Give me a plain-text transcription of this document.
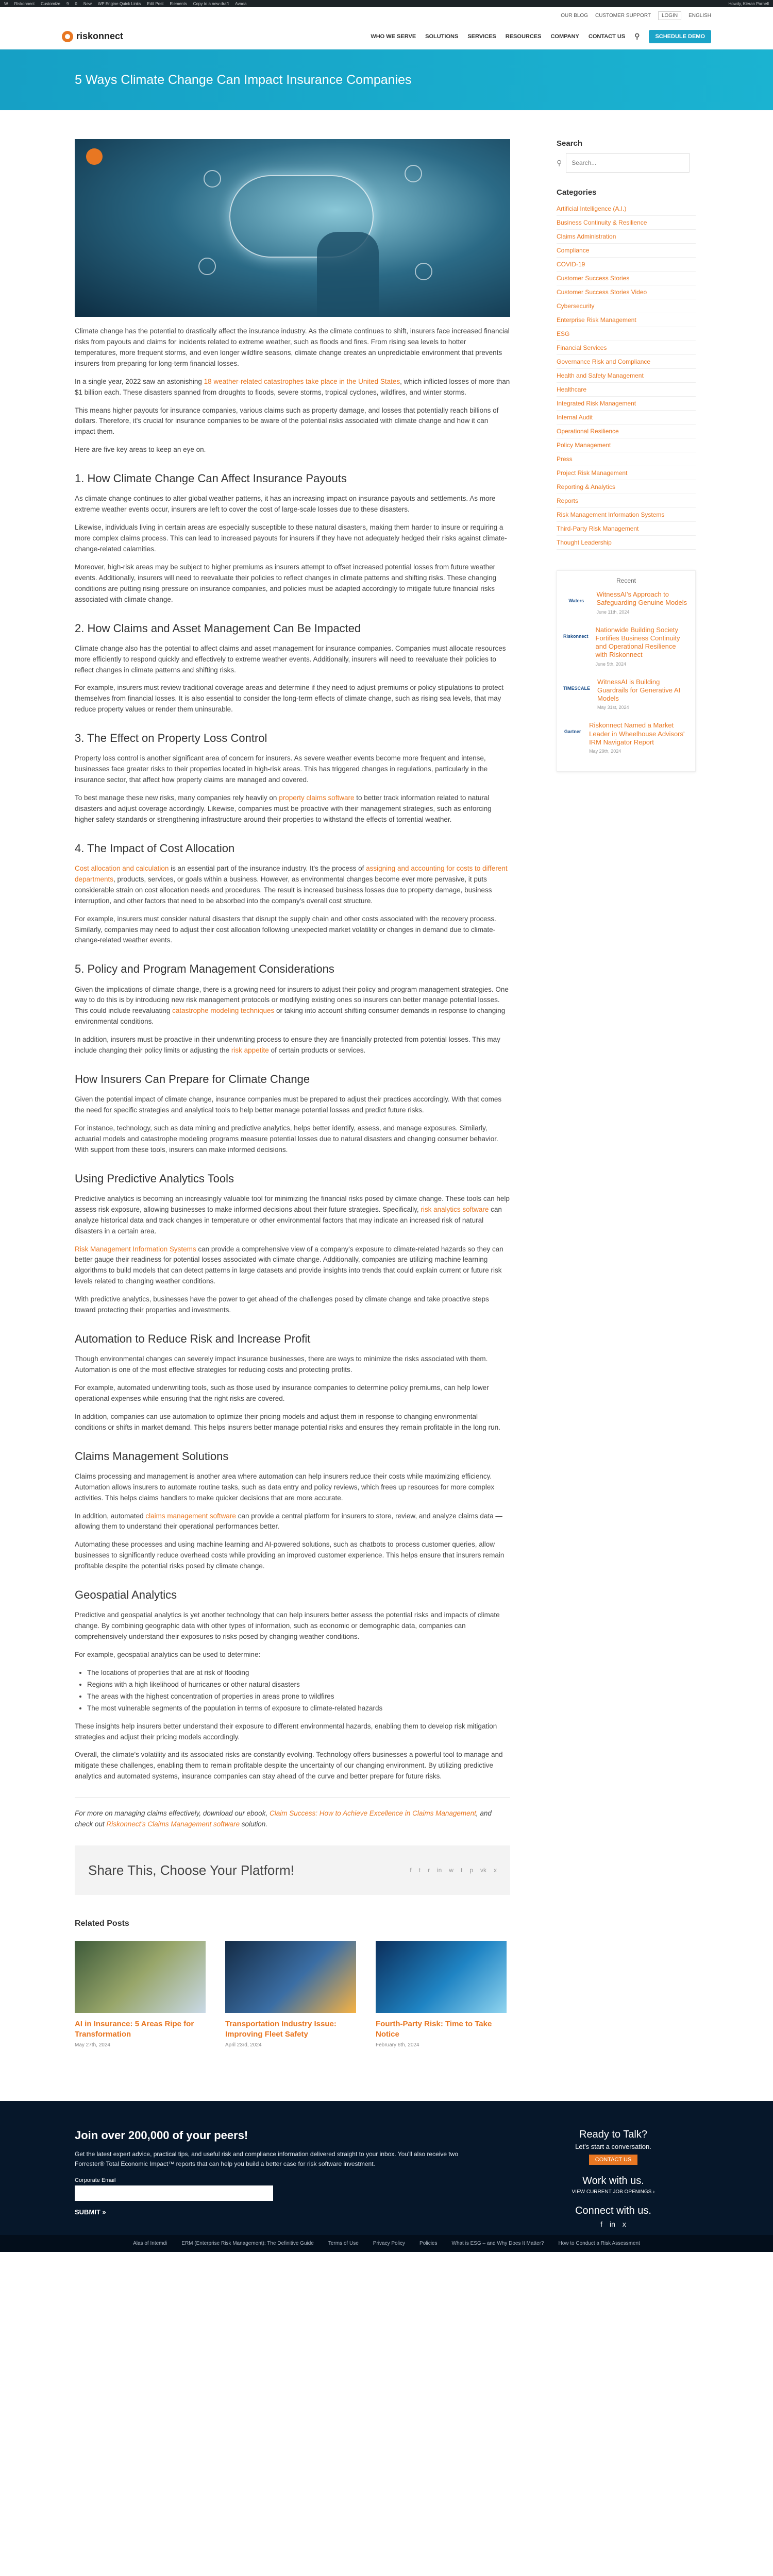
W Riskonnect Customize 9 0 New WP Engine Quick Links Edit Post Elements Copy to a new draft Avada	Howdy, Kieran Parnell
OUR BLOG CUSTOMER SUPPORT	LOGIN	ENGLISH
riskonnect	WHO WE SERVE SOLUTIONS SERVICES RESOURCES COMPANY CONTACT US ⚲	SCHEDULE DEMO
5 Ways Climate Change Can Impact Insurance Companies

Climate change has the potential to drastically affect the insurance industry. As the climate continues to shift, insurers face increased financial risks from payouts and claims for incidents related to extreme weather, such as floods and fires. From rising sea levels to hotter temperatures, more frequent storms, and even longer wildfire seasons, climate change creates an unpredictable environment that prevents insurers from preparing for long-term financial losses.

In a single year, 2022 saw an astonishing 18 weather-related catastrophes take place in the United States, which inflicted losses of more than $1 billion each. These disasters spanned from droughts to floods, severe storms, tropical cyclones, wildfires, and winter storms.

This means higher payouts for insurance companies, various claims such as property damage, and losses that potentially reach billions of dollars. Therefore, it's crucial for insurance companies to be aware of the potential risks associated with climate change and how it can impact them.

Here are five key areas to keep an eye on.

1. How Climate Change Can Affect Insurance Payouts

As climate change continues to alter global weather patterns, it has an increasing impact on insurance payouts and settlements. As more extreme weather events occur, insurers are left to cover the cost of large-scale losses due to these disasters.

Likewise, individuals living in certain areas are especially susceptible to these natural disasters, making them harder to insure or requiring a more complex claims process. This can lead to increased payouts for insurers if they have not adequately hedged their risks against climate-change-related calamities.

Moreover, high-risk areas may be subject to higher premiums as insurers attempt to offset increased potential losses from future weather events. Additionally, insurers will need to reevaluate their policies to reflect changes in climate patterns and shifting risks. These changing conditions are putting rising pressure on insurance companies, and policies must be adapted accordingly to mitigate future financial risks associated with climate change.

2. How Claims and Asset Management Can Be Impacted

Climate change also has the potential to affect claims and asset management for insurance companies. Companies must allocate resources more efficiently to respond quickly and effectively to extreme weather events. Additionally, insurers will need to reevaluate their policies to reflect changes in climate patterns and shifting risks.

For example, insurers must review traditional coverage areas and determine if they need to adjust premiums or policy stipulations to protect themselves from financial losses. It is also essential to consider the long-term effects of climate change, such as rising sea levels, that may reduce property values or render them uninsurable.

3. The Effect on Property Loss Control

Property loss control is another significant area of concern for insurers. As severe weather events become more frequent and intense, businesses face greater risks to their properties located in high-risk areas. This has triggered changes in regulations, particularly in the insurance sector, that affect how property claims are managed and covered.

To best manage these new risks, many companies rely heavily on property claims software to better track information related to natural disasters and adjust coverage accordingly. Likewise, companies must be proactive with their management strategies, such as enforcing higher safety standards or strengthening infrastructure around their properties to withstand the effects of torrential weather.

4. The Impact of Cost Allocation

Cost allocation and calculation is an essential part of the insurance industry. It's the process of assigning and accounting for costs to different departments, products, services, or goals within a business. However, as environmental changes become ever more pervasive, it puts considerable strain on cost allocation needs and procedures. The result is increased business losses due to property damage, business interruption, and other factors that need to be absorbed into the company's overall cost structure.

For example, insurers must consider natural disasters that disrupt the supply chain and other costs associated with the recovery process. Similarly, companies may need to adjust their cost allocation following unexpected market volatility or changes in demand due to climate-change-related weather events.

5. Policy and Program Management Considerations

Given the implications of climate change, there is a growing need for insurers to adjust their policy and program management strategies. One way to do this is by introducing new risk management protocols or modifying existing ones so insurers can better manage potential losses. This could include reevaluating catastrophe modeling techniques or taking into account shifting consumer demands in response to changing environmental conditions.

In addition, insurers must be proactive in their underwriting process to ensure they are financially protected from potential losses. This may include changing their policy limits or adjusting the risk appetite of certain products or services.

How Insurers Can Prepare for Climate Change

Given the potential impact of climate change, insurance companies must be prepared to adjust their practices accordingly. With that comes the need for specific strategies and analytical tools to help better manage potential losses and predict future risks.

For instance, technology, such as data mining and predictive analytics, helps better identify, assess, and manage exposures. Similarly, actuarial models and catastrophe modeling programs measure potential losses due to natural disasters and changing consumer behavior. With support from these tools, insurers can make informed decisions.

Using Predictive Analytics Tools

Predictive analytics is becoming an increasingly valuable tool for minimizing the financial risks posed by climate change. These tools can help assess risk exposure, allowing businesses to make informed decisions about their future strategies. Specifically, risk analytics software can analyze historical data and track changes in temperature or other environmental factors that may indicate an increased risk of natural disasters in a certain area.

Risk Management Information Systems can provide a comprehensive view of a company's exposure to climate-related hazards so they can better gauge their readiness for potential losses associated with climate change. Additionally, companies are utilizing machine learning algorithms to build models that can detect patterns in large datasets and provide insights into trends that could explain current or future risk levels related to changing weather conditions.

With predictive analytics, businesses have the power to get ahead of the challenges posed by climate change and take proactive steps toward protecting their properties and investments.

Automation to Reduce Risk and Increase Profit

Though environmental changes can severely impact insurance businesses, there are ways to minimize the risks associated with them. Automation is one of the most effective strategies for reducing costs and protecting profits.

For example, automated underwriting tools, such as those used by insurance companies to determine policy premiums, can help lower operational expenses while ensuring that the right risks are covered.

In addition, companies can use automation to optimize their pricing models and adjust them in response to changing environmental conditions or shifts in market demand. This helps insurers better manage potential risks and ensures they remain profitable in the long run.

Claims Management Solutions

Claims processing and management is another area where automation can help insurers reduce their costs while maximizing efficiency. Automation allows insurers to automate routine tasks, such as data entry and policy reviews, which frees up resources for more complex activities. This helps claims handlers to make quicker decisions that are more accurate.

In addition, automated claims management software can provide a central platform for insurers to store, review, and analyze claims data — allowing them to understand their operational performances better.

Automating these processes and using machine learning and AI-powered solutions, such as chatbots to process customer queries, allow businesses to significantly reduce overhead costs while providing an improved customer experience. This helps ensure that insurers remain profitable despite the potential risks posed by climate change.

Geospatial Analytics

Predictive and geospatial analytics is yet another technology that can help insurers better assess the potential risks and impacts of climate change. By combining geographic data with other types of information, such as economic or demographic data, companies can comprehensively understand their exposures to risks posed by changing weather conditions.

For example, geospatial analytics can be used to determine:

• The locations of properties that are at risk of flooding
• Regions with a high likelihood of hurricanes or other natural disasters
• The areas with the highest concentration of properties in areas prone to wildfires
• The most vulnerable segments of the population in terms of exposure to climate-related hazards

These insights help insurers better understand their exposure to different environmental hazards, enabling them to develop risk mitigation strategies and adjust their pricing models accordingly.

Overall, the climate's volatility and its associated risks are constantly evolving. Technology offers businesses a powerful tool to manage and mitigate these challenges, enabling them to remain profitable despite the uncertainty of our changing environment. By utilizing predictive analytics and automated systems, insurance companies can stay ahead of the curve and better prepare for future risks.

For more on managing claims effectively, download our ebook, Claim Success: How to Achieve Excellence in Claims Management, and check out Riskonnect's Claims Management software solution.

Share This, Choose Your Platform!	f t r in w t p vk x
Related Posts
AI in Insurance: 5 Areas Ripe for Transformation
May 27th, 2024
Transportation Industry Issue: Improving Fleet Safety
April 23rd, 2024
Fourth-Party Risk: Time to Take Notice
February 6th, 2024
Search
⚲
Search...
Categories
Artificial Intelligence (A.I.)
Business Continuity & Resilience
Claims Administration
Compliance
COVID-19
Customer Success Stories
Customer Success Stories Video
Cybersecurity
Enterprise Risk Management
ESG
Financial Services
Governance Risk and Compliance
Health and Safety Management
Healthcare
Integrated Risk Management
Internal Audit
Operational Resilience
Policy Management
Press
Project Risk Management
Reporting & Analytics
Reports
Risk Management Information Systems
Third-Party Risk Management
Thought Leadership
Recent
Waters
WitnessAI's Approach to Safeguarding Genuine Models
June 11th, 2024
Riskonnect
Nationwide Building Society Fortifies Business Continuity and Operational Resilience with Riskonnect
June 5th, 2024
TIMESCALE
WitnessAI is Building Guardrails for Generative AI Models
May 31st, 2024
Gartner
Riskonnect Named a Market Leader in Wheelhouse Advisors' IRM Navigator Report
May 29th, 2024
Join over 200,000 of your peers!

Get the latest expert advice, practical tips, and useful risk and compliance information delivered straight to your inbox. You'll also receive two Forrester® Total Economic Impact™ reports that can help you build a better case for risk software investment.

Corporate Email
SUBMIT »
Ready to Talk?
Let's start a conversation.
CONTACT US
Work with us.
VIEW CURRENT JOB OPENINGS ›
Connect with us.
f in x
Alas of Intemdi	ERM (Enterprise Risk Management): The Definitive Guide	Terms of Use	Privacy Policy	Policies	What is ESG – and Why Does It Matter?	How to Conduct a Risk Assessment
